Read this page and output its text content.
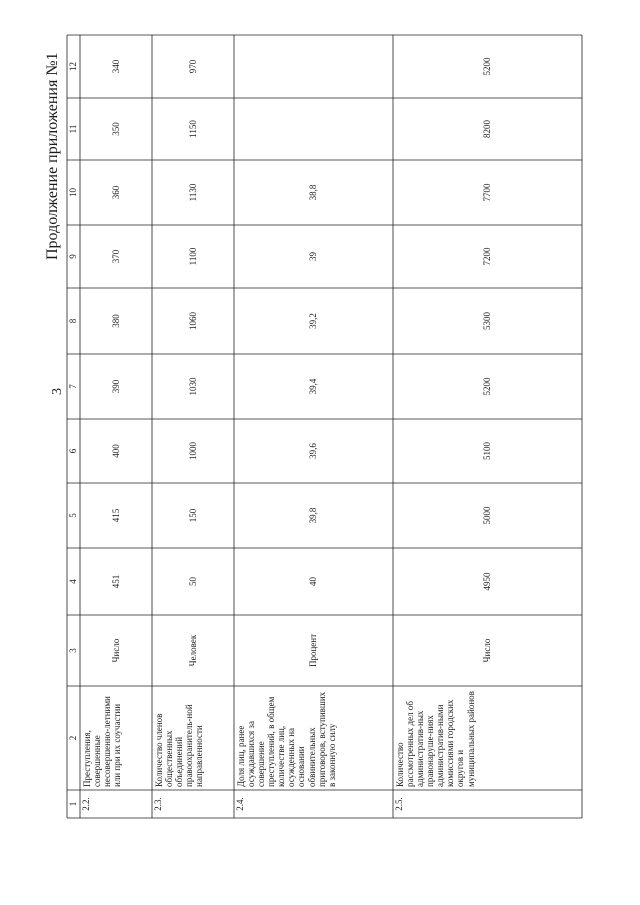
Продолжение приложения №1
3
1
2
3
4
5
6
7
8
9
10
11
12
2.2.
Преступления, совершенные несовершенно-летними или при их соучастии
Число
451
415
400
390
380
370
360
350
340
2.3.
Количество членов общественных объединений правоохранитель-ной направленности
Человек
50
150
1000
1030
1060
1100
1130
1150
970
2.4.
Доля лиц, ранее осуждавшихся за совершение преступлений, в общем количестве лиц, осужденных на основании обвинительных приговоров, вступивших в законную силу
Процент
40
39,8
39,6
39,4
39,2
39
38,8
2.5.
Количество рассмотренных дел об административ-ных правонаруше-ниях административ-ными комиссиями городских округов и муниципальных районов
Число
4950
5000
5100
5200
5300
7200
7700
8200
5200
